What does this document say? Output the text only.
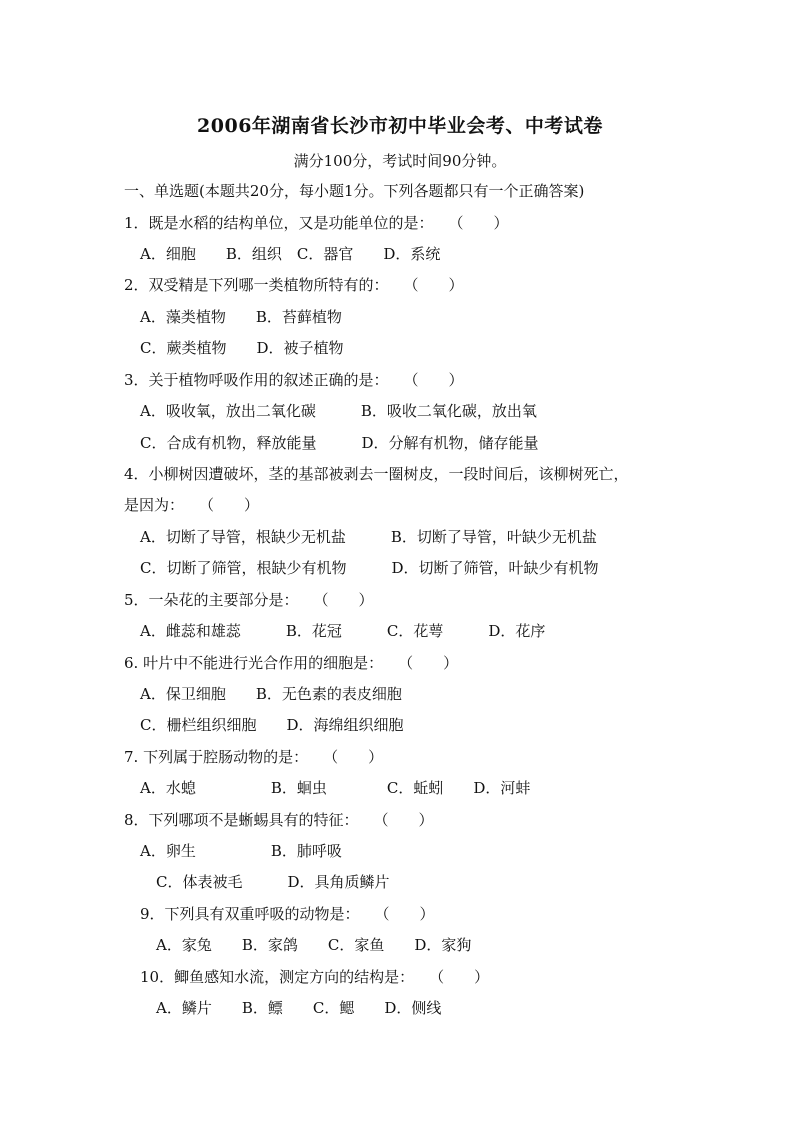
2006年湖南省长沙市初中毕业会考、中考试卷
满分100分，考试时间90分钟。
一、单选题(本题共20分，每小题1分。下列各题都只有一个正确答案)
1．既是水稻的结构单位，又是功能单位的是：　　（　　）
A．细胞　　B．组织　C．器官　　D．系统
2．双受精是下列哪一类植物所特有的：　　（　　）
A．藻类植物　　B．苔藓植物
C．蕨类植物　　D．被子植物
3．关于植物呼吸作用的叙述正确的是：　　（　　）
A．吸收氧，放出二氧化碳　　　B．吸收二氧化碳，放出氧
C．合成有机物，释放能量　　　D．分解有机物，储存能量
4．小柳树因遭破坏，茎的基部被剥去一圈树皮，一段时间后，该柳树死亡，
是因为：　　（　　）
A．切断了导管，根缺少无机盐　　　B．切断了导管，叶缺少无机盐
C．切断了筛管，根缺少有机物　　　D．切断了筛管，叶缺少有机物
5．一朵花的主要部分是：　　（　　）
A．雌蕊和雄蕊　　　B．花冠　　　C．花萼　　　D．花序
6. 叶片中不能进行光合作用的细胞是：　　（　　）
A．保卫细胞　　B．无色素的表皮细胞
C．栅栏组织细胞　　D．海绵组织细胞
7. 下列属于腔肠动物的是：　　（　　）
A．水螅　　　　　B．蛔虫　　　　C．蚯蚓　　D．河蚌
8．下列哪项不是蜥蜴具有的特征：　　（　　）
A．卵生　　　　　B．肺呼吸
C．体表被毛　　　D．具角质鳞片
9．下列具有双重呼吸的动物是：　　（　　）
A．家兔　　B．家鸽　　C．家鱼　　D．家狗
10．鲫鱼感知水流，测定方向的结构是：　　（　　）
A．鳞片　　B．鳔　　C．鳃　　D．侧线
